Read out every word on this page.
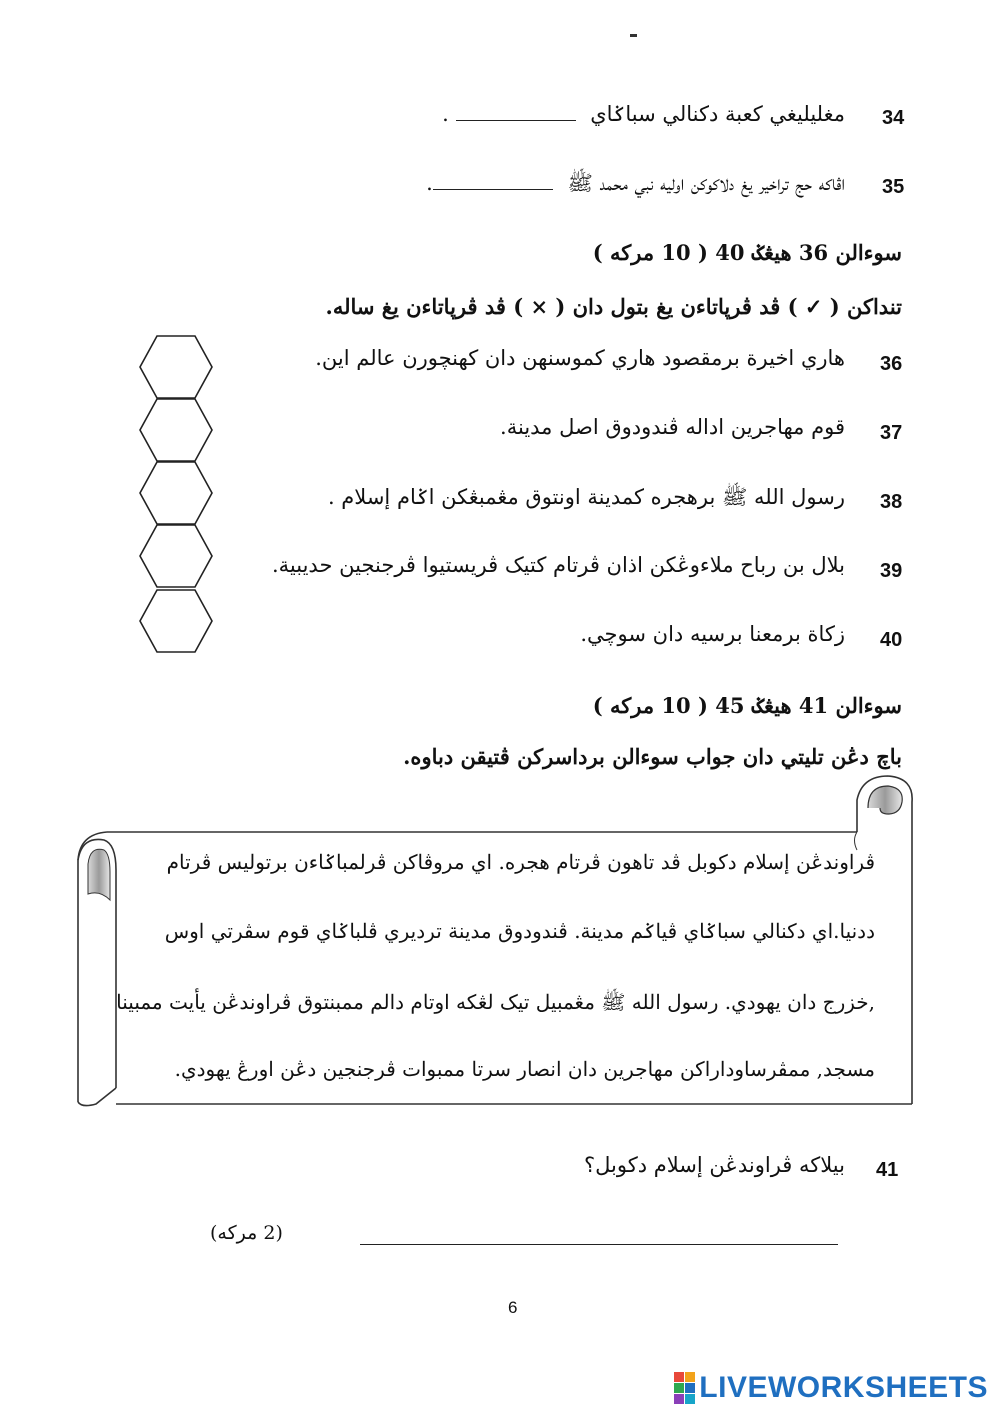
34
مغليليغي كعبة دكنالي سباݢاي  .
35
اڤاكه حج تراخير يغ دلاكوكن اوليه نبي محمد ﷺ .
سوءالن 36 هيڠݢ 40 ( 10 مركه )
تنداكن ( ✓ ) ڤد ڤرڽاتاءن يغ بتول دان ( × ) ڤد ڤرڽاتاءن يغ ساله.
36
هاري اخيرة برمقصود هاري كموسنهن دان كهنچورن عالم اين.
37
قوم مهاجرين اداله ڤندودوق اصل مدينة.
38
رسول الله ﷺ برهجره كمدينة اونتوق مڠمبڠكن اݢام إسلام .
39
بلال بن رباح ملاءوڠكن اذان ڤرتام كتيک ڤريستيوا ڤرجنجين حديبية.
40
زكاة برمعنا برسيه دان سوچي.
سوءالن 41 هيڠݢ 45 ( 10 مركه )
باچ دڠن تليتي دان جواب سوءالن برداسركن ڤتيقن دباوه.
ڤراوندڠن إسلام دكوبل ڤد تاهون ڤرتام هجره. اي مروڤاكن ڤرلمباݢاءن برتوليس ڤرتام
ددنيا.اي دكنالي سباݢاي ڤياݢم مدينة. ڤندودوق مدينة ترديري ڤلباݢاي قوم سڤرتي اوس
,خزرج دان يهودي. رسول الله ﷺ مڠمبيل تيک لڠكه اوتام دالم ممبنتوق ڤراوندڠن يأيت ممبينا
مسجد, ممڤرساوداراكن مهاجرين دان انصار سرتا ممبوات ڤرجنجين دڠن اورڠ يهودي.
41
بيلاكه ڤراوندڠن إسلام دكوبل؟
(2 مركه)
6
LIVEWORKSHEETS
